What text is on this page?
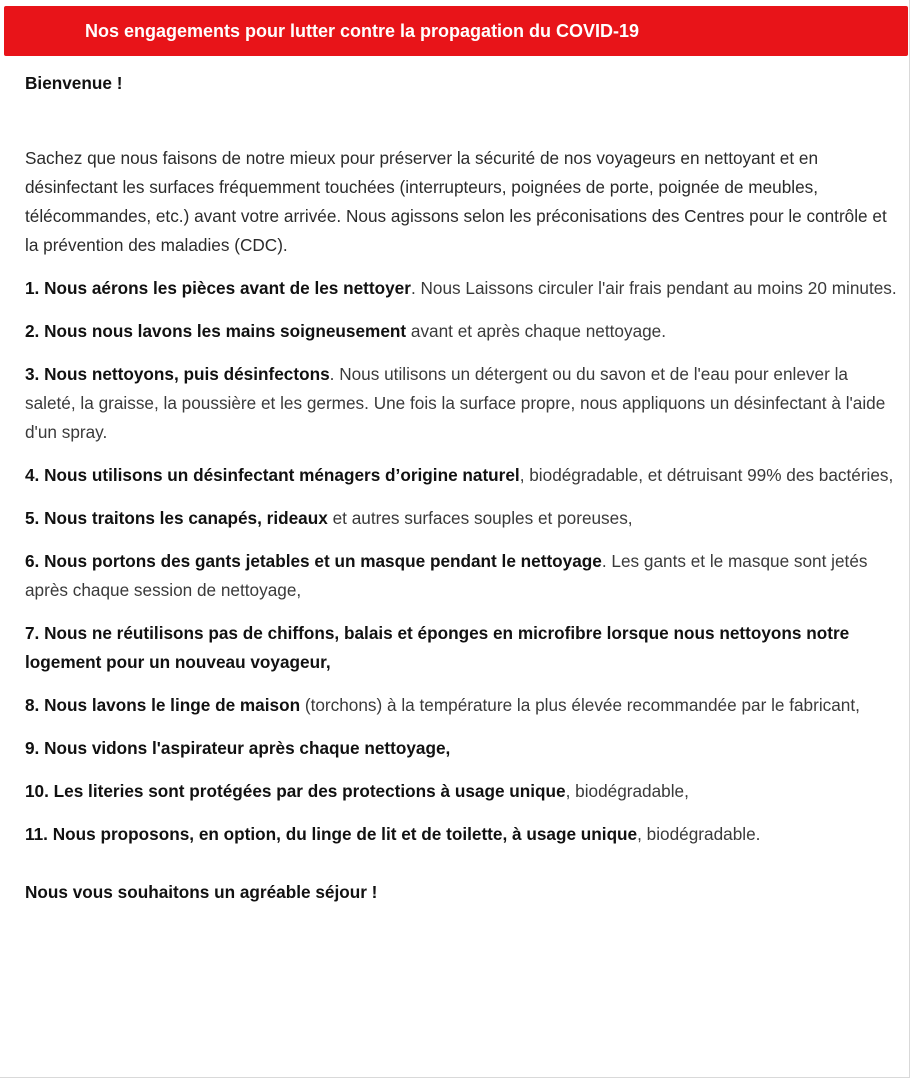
Nos engagements pour lutter contre la propagation du COVID-19

Bienvenue !

Sachez que nous faisons de notre mieux pour préserver la sécurité de nos voyageurs en nettoyant et en désinfectant les surfaces fréquemment touchées (interrupteurs, poignées de porte, poignée de meubles, télécommandes, etc.) avant votre arrivée. Nous agissons selon les préconisations des Centres pour le contrôle et la prévention des maladies (CDC).

1. Nous aérons les pièces avant de les nettoyer. Nous Laissons circuler l'air frais pendant au moins 20 minutes.

2. Nous nous lavons les mains soigneusement avant et après chaque nettoyage.

3. Nous nettoyons, puis désinfectons. Nous utilisons un détergent ou du savon et de l'eau pour enlever la saleté, la graisse, la poussière et les germes. Une fois la surface propre, nous appliquons un désinfectant à l'aide d'un spray.

4. Nous utilisons un désinfectant ménagers d’origine naturel, biodégradable, et détruisant 99% des bactéries,

5. Nous traitons les canapés, rideaux et autres surfaces souples et poreuses,

6. Nous portons des gants jetables et un masque pendant le nettoyage. Les gants et le masque sont jetés après chaque session de nettoyage,

7. Nous ne réutilisons pas de chiffons, balais et éponges en microfibre lorsque nous nettoyons notre logement pour un nouveau voyageur,

8. Nous lavons le linge de maison (torchons) à la température la plus élevée recommandée par le fabricant,

9. Nous vidons l'aspirateur après chaque nettoyage,

10. Les literies sont protégées par des protections à usage unique, biodégradable,

11. Nous proposons, en option, du linge de lit et de toilette, à usage unique, biodégradable.

Nous vous souhaitons un agréable séjour !
